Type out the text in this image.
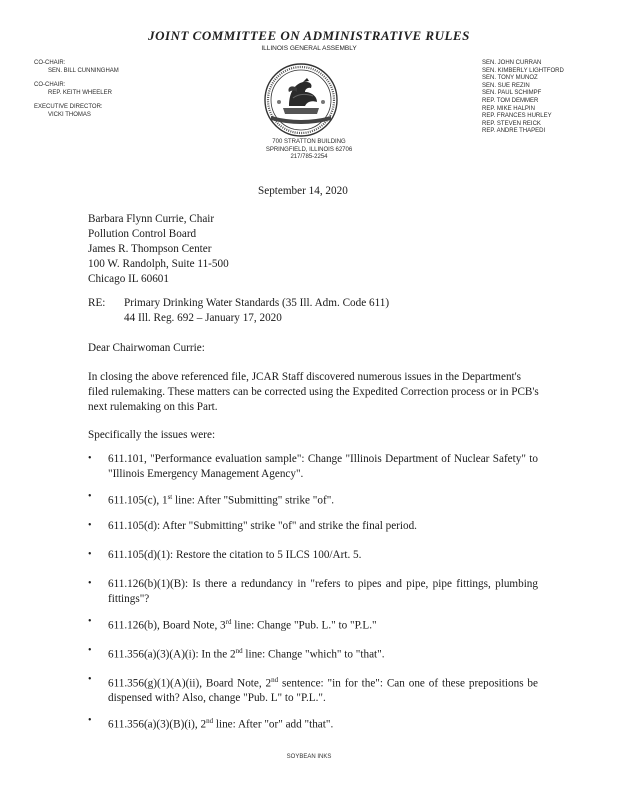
JOINT COMMITTEE ON ADMINISTRATIVE RULES
ILLINOIS GENERAL ASSEMBLY
CO-CHAIR:
SEN. BILL CUNNINGHAM
CO-CHAIR:
REP. KEITH WHEELER
EXECUTIVE DIRECTOR:
VICKI THOMAS
SEN. JOHN CURRAN
SEN. KIMBERLY LIGHTFORD
SEN. TONY MUNOZ
SEN. SUE REZIN
SEN. PAUL SCHIMPF
REP. TOM DEMMER
REP. MIKE HALPIN
REP. FRANCES HURLEY
REP. STEVEN REICK
REP. ANDRE THAPEDI
700 STRATTON BUILDING
SPRINGFIELD, ILLINOIS 62706
217/785-2254
September 14, 2020
Barbara Flynn Currie, Chair
Pollution Control Board
James R. Thompson Center
100 W. Randolph, Suite 11-500
Chicago IL 60601
RE: Primary Drinking Water Standards (35 Ill. Adm. Code 611)
44 Ill. Reg. 692 – January 17, 2020
Dear Chairwoman Currie:
In closing the above referenced file, JCAR Staff discovered numerous issues in the Department's filed rulemaking. These matters can be corrected using the Expedited Correction process or in PCB's next rulemaking on this Part.
Specifically the issues were:
•	611.101, "Performance evaluation sample": Change "Illinois Department of Nuclear Safety" to "Illinois Emergency Management Agency".
•	611.105(c), 1st line: After "Submitting" strike "of".
•	611.105(d): After "Submitting" strike "of" and strike the final period.
•	611.105(d)(1): Restore the citation to 5 ILCS 100/Art. 5.
•	611.126(b)(1)(B): Is there a redundancy in "refers to pipes and pipe, pipe fittings, plumbing fittings"?
•	611.126(b), Board Note, 3rd line: Change "Pub. L." to "P.L."
•	611.356(a)(3)(A)(i): In the 2nd line: Change "which" to "that".
•	611.356(g)(1)(A)(ii), Board Note, 2nd sentence: "in for the": Can one of these prepositions be dispensed with? Also, change "Pub. L" to "P.L.".
•	611.356(a)(3)(B)(i), 2nd line: After "or" add "that".
SOYBEAN INKS
